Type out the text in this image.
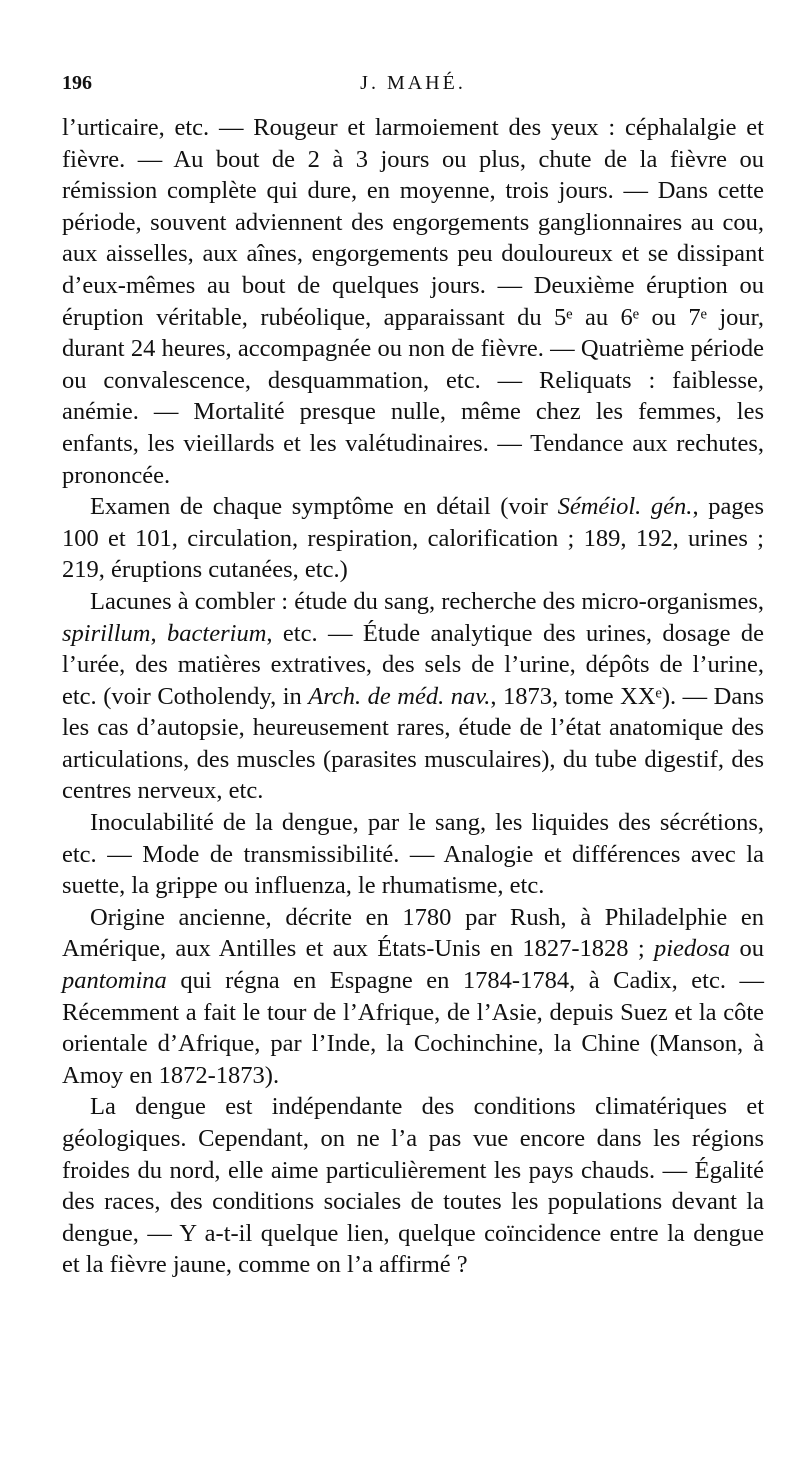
196	J. MAHÉ.

l’urticaire, etc. — Rougeur et larmoiement des yeux : céphalalgie et fièvre. — Au bout de 2 à 3 jours ou plus, chute de la fièvre ou rémission complète qui dure, en moyenne, trois jours. — Dans cette période, souvent adviennent des engorgements ganglionnaires au cou, aux aisselles, aux aînes, engorgements peu douloureux et se dissipant d’eux-mêmes au bout de quelques jours. — Deuxième éruption ou éruption véritable, rubéolique, apparaissant du 5ᵉ au 6ᵉ ou 7ᵉ jour, durant 24 heures, accompagnée ou non de fièvre. — Quatrième période ou convalescence, desquammation, etc. — Reliquats : faiblesse, anémie. — Mortalité presque nulle, même chez les femmes, les enfants, les vieillards et les valétudinaires. — Tendance aux rechutes, prononcée.

Examen de chaque symptôme en détail (voir Séméiol. gén., pages 100 et 101, circulation, respiration, calorification ; 189, 192, urines ; 219, éruptions cutanées, etc.)

Lacunes à combler : étude du sang, recherche des micro-organismes, spirillum, bacterium, etc. — Étude analytique des urines, dosage de l’urée, des matières extratives, des sels de l’urine, dépôts de l’urine, etc. (voir Cotholendy, in Arch. de méd. nav., 1873, tome XXᵉ). — Dans les cas d’autopsie, heureusement rares, étude de l’état anatomique des articulations, des muscles (parasites musculaires), du tube digestif, des centres nerveux, etc.

Inoculabilité de la dengue, par le sang, les liquides des sécrétions, etc. — Mode de transmissibilité. — Analogie et différences avec la suette, la grippe ou influenza, le rhumatisme, etc.

Origine ancienne, décrite en 1780 par Rush, à Philadelphie en Amérique, aux Antilles et aux États-Unis en 1827-1828 ; piedosa ou pantomina qui régna en Espagne en 1784-1784, à Cadix, etc. — Récemment a fait le tour de l’Afrique, de l’Asie, depuis Suez et la côte orientale d’Afrique, par l’Inde, la Cochinchine, la Chine (Manson, à Amoy en 1872-1873).

La dengue est indépendante des conditions climatériques et géologiques. Cependant, on ne l’a pas vue encore dans les régions froides du nord, elle aime particulièrement les pays chauds. — Égalité des races, des conditions sociales de toutes les populations devant la dengue, — Y a-t-il quelque lien, quelque coïncidence entre la dengue et la fièvre jaune, comme on l’a affirmé ?
